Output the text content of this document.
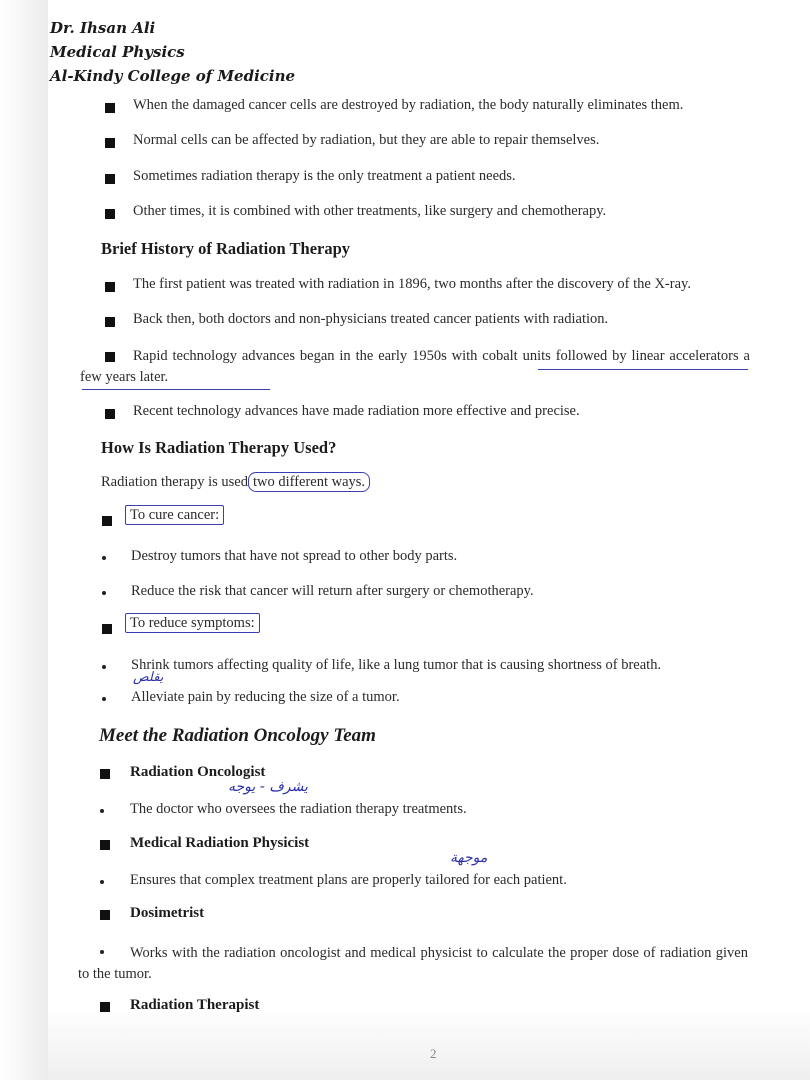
Dr. Ihsan Ali
Medical Physics
Al-Kindy College of Medicine
When the damaged cancer cells are destroyed by radiation, the body naturally eliminates them.
Normal cells can be affected by radiation, but they are able to repair themselves.
Sometimes radiation therapy is the only treatment a patient needs.
Other times, it is combined with other treatments, like surgery and chemotherapy.
Brief History of Radiation Therapy
The first patient was treated with radiation in 1896, two months after the discovery of the X-ray.
Back then, both doctors and non-physicians treated cancer patients with radiation.
Rapid technology advances began in the early 1950s with cobalt units followed by linear accelerators a few years later.
Recent technology advances have made radiation more effective and precise.
How Is Radiation Therapy Used?
Radiation therapy is used two different ways.
To cure cancer:
Destroy tumors that have not spread to other body parts.
Reduce the risk that cancer will return after surgery or chemotherapy.
To reduce symptoms:
Shrink tumors affecting quality of life, like a lung tumor that is causing shortness of breath.
يقلص
Alleviate pain by reducing the size of a tumor.
Meet the Radiation Oncology Team
Radiation Oncologist
يشرف - يوجه
The doctor who oversees the radiation therapy treatments.
Medical Radiation Physicist
موجهة
Ensures that complex treatment plans are properly tailored for each patient.
Dosimetrist
Works with the radiation oncologist and medical physicist to calculate the proper dose of radiation given to the tumor.
Radiation Therapist
2
